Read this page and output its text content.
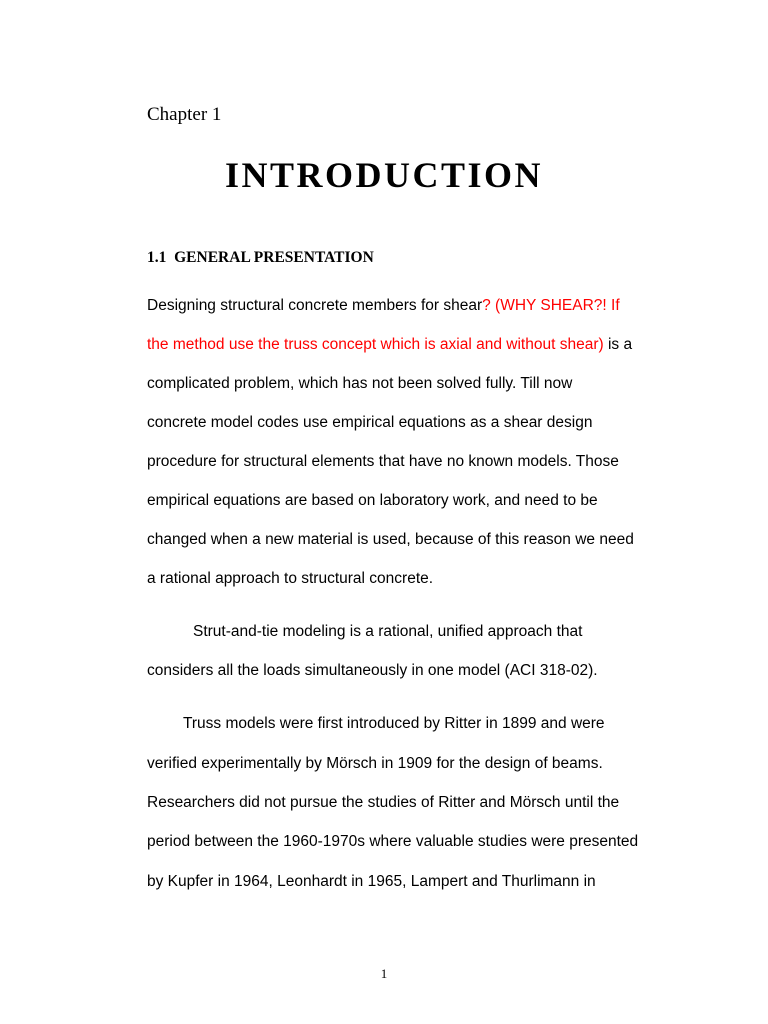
Chapter 1
INTRODUCTION
1.1  GENERAL PRESENTATION
Designing structural concrete members for shear? (WHY SHEAR?! If
the method use the truss concept which is axial and without shear) is a
complicated problem, which has not been solved fully. Till now
concrete model codes use empirical equations as a shear design
procedure for structural elements that have no known models. Those
empirical equations are based on laboratory work, and need to be
changed when a new material is used, because of this reason we need
a rational approach to structural concrete.
Strut-and-tie modeling is a rational, unified approach that
considers all the loads simultaneously in one model (ACI 318-02).
Truss models were first introduced by Ritter in 1899 and were
verified experimentally by Mörsch in 1909 for the design of beams.
Researchers did not pursue the studies of Ritter and Mörsch until the
period between the 1960-1970s where valuable studies were presented
by Kupfer in 1964, Leonhardt in 1965, Lampert and Thurlimann in
1
